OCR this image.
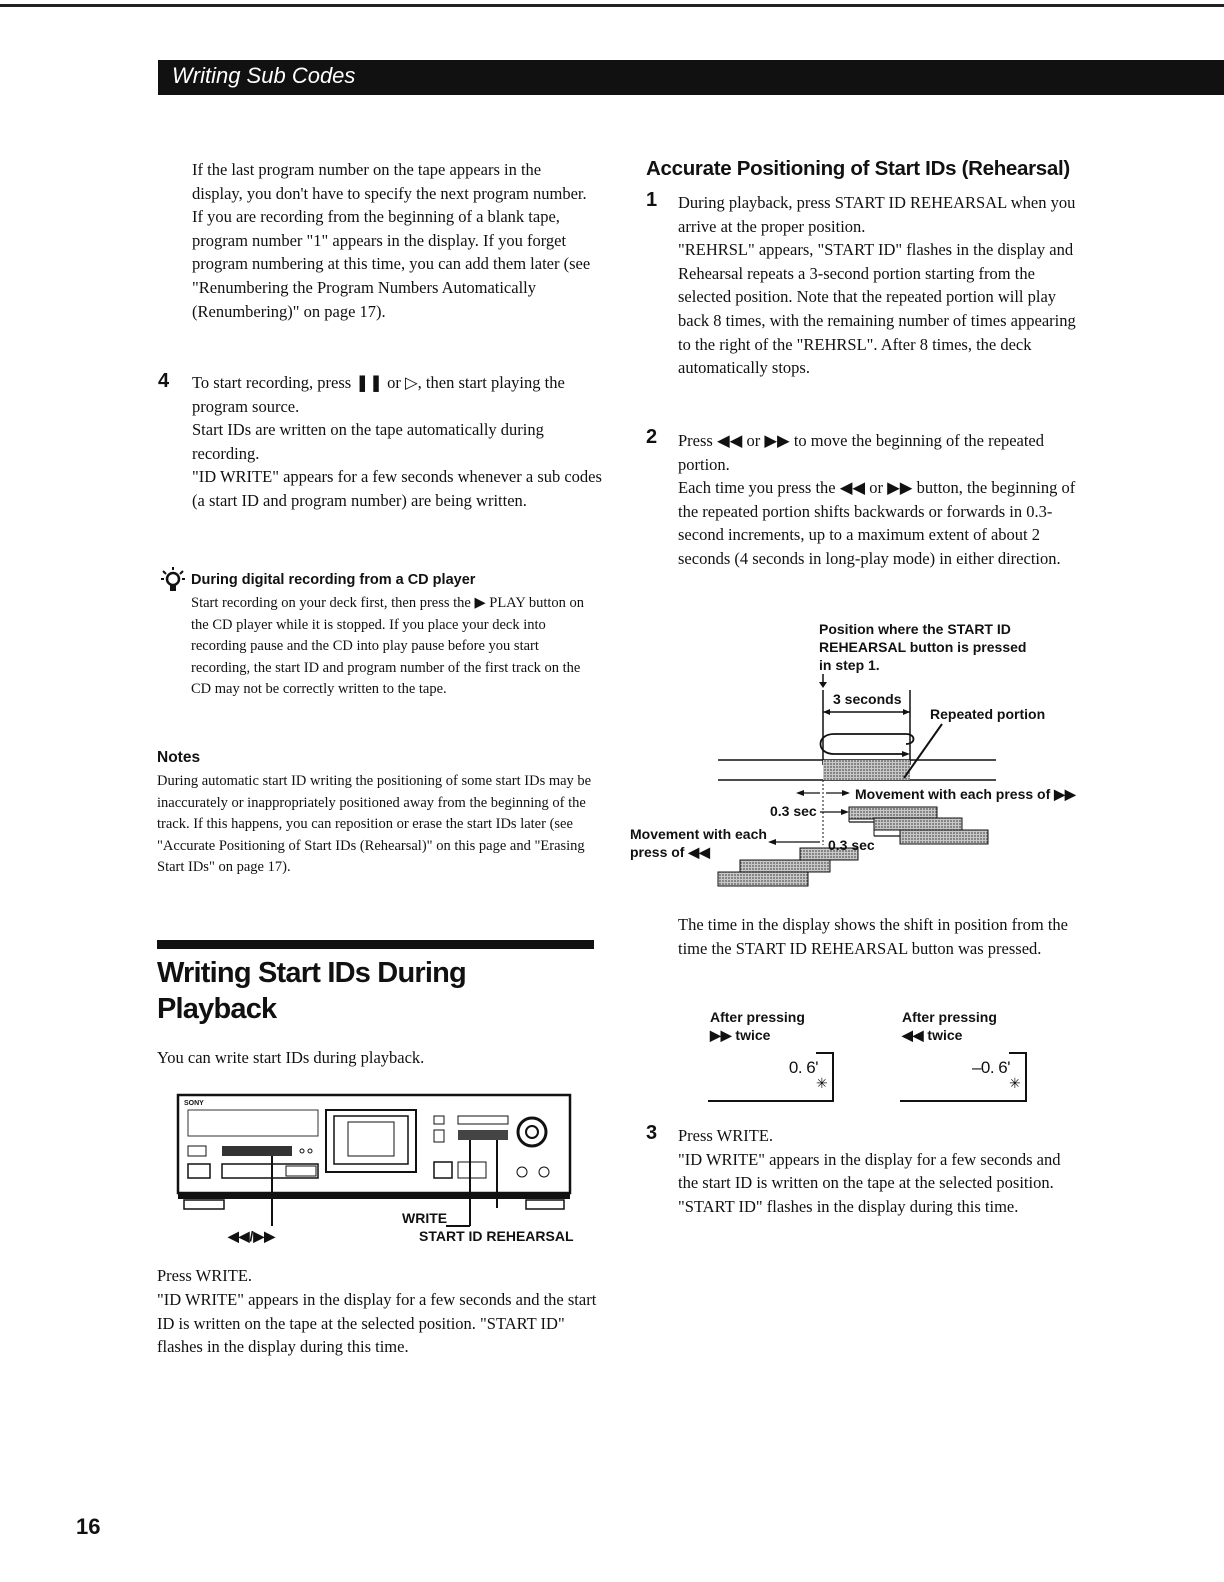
Writing Sub Codes
If the last program number on the tape appears in the display, you don't have to specify the next program number. If you are recording from the beginning of a blank tape, program number "1" appears in the display. If you forget program numbering at this time, you can add them later (see "Renumbering the Program Numbers Automatically (Renumbering)" on page 17).
4 To start recording, press ❚❚ or ▷, then start playing the program source.
Start IDs are written on the tape automatically during recording.
"ID WRITE" appears for a few seconds whenever a sub codes (a start ID and program number) are being written.
During digital recording from a CD player
Start recording on your deck first, then press the ▶ PLAY button on the CD player while it is stopped. If you place your deck into recording pause and the CD into play pause before you start recording, the start ID and program number of the first track on the CD may not be correctly written to the tape.
Notes
During automatic start ID writing the positioning of some start IDs may be inaccurately or inappropriately positioned away from the beginning of the track. If this happens, you can reposition or erase the start IDs later (see "Accurate Positioning of Start IDs (Rehearsal)" on this page and "Erasing Start IDs" on page 17).
Writing Start IDs During
Playback
You can write start IDs during playback.
SONY
WRITE
◀◀/▶▶	START ID REHEARSAL
Press WRITE.
"ID WRITE" appears in the display for a few seconds and the start ID is written on the tape at the selected position. "START ID" flashes in the display during this time.
Accurate Positioning of Start IDs (Rehearsal)
1 During playback, press START ID REHEARSAL when you arrive at the proper position.
"REHRSL" appears, "START ID" flashes in the display and Rehearsal repeats a 3-second portion starting from the selected position. Note that the repeated portion will play back 8 times, with the remaining number of times appearing to the right of the "REHRSL". After 8 times, the deck automatically stops.
2 Press ◀◀ or ▶▶ to move the beginning of the repeated portion.
Each time you press the ◀◀ or ▶▶ button, the beginning of the repeated portion shifts backwards or forwards in 0.3-second increments, up to a maximum extent of about 2 seconds (4 seconds in long-play mode) in either direction.
Position where the START ID REHEARSAL button is pressed in step 1.
3 seconds
Repeated portion
Movement with each press of ▶▶
0.3 sec
Movement with each
press of ◀◀	0.3 sec
The time in the display shows the shift in position from the time the START ID REHEARSAL button was pressed.
After pressing
▶▶ twice
0. 6'
✳
After pressing
◀◀ twice
–0. 6'
✳
3 Press WRITE.
"ID WRITE" appears in the display for a few seconds and the start ID is written on the tape at the selected position. "START ID" flashes in the display during this time.
16
